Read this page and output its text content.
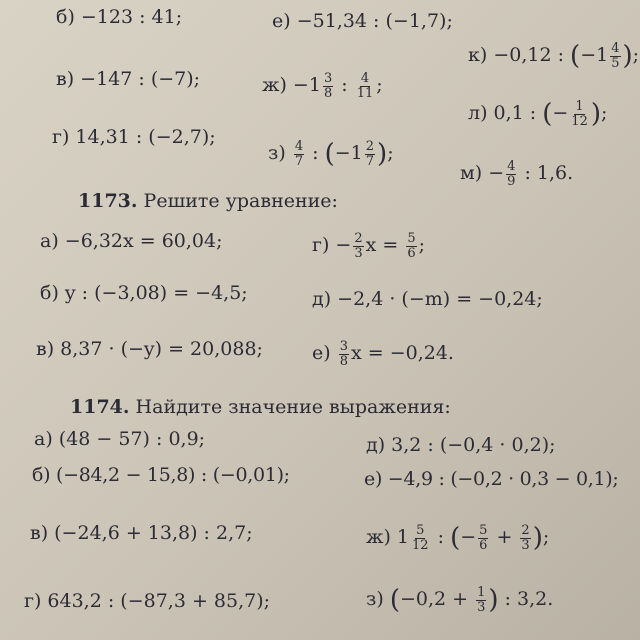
б) −123 : 41;	е) −51,34 : (−1,7);
к) −0,12 : ($-1 \frac{4}{5}$ );
в) −147 : (−7);	$ж) -1 \frac{3}{8}$ : $\frac{4}{11}$ ;
л) 0,1 : (− $\frac{1}{12}$ );
г) 14,31 : (−2,7);
$з) \frac{4}{7}$ : ($-1 \frac{2}{7}$ );
$м) - \frac{4}{9}$ : 1,6.
1173. Решите уравнение:
а) −6,32x = 60,04;	$г) - \frac{2}{3}$ $x = \frac{5}{6}$ ;
б) y : (−3,08) = −4,5;	д) −2,4 · (−m) = −0,24;
в) 8,37 · (−y) = 20,088;	$е) \frac{3}{8}$ x = −0,24.
1174. Найдите значение выражения:
а) (48 − 57) : 0,9;	д) 3,2 : (−0,4 · 0,2);
б) (−84,2 − 15,8) : (−0,01);	е) −4,9 : (−0,2 · 0,3 − 0,1);
в) (−24,6 + 13,8) : 2,7;	ж) $1 \frac{5}{12}$ : (− $\frac{5}{6} + \frac{2}{3}$ );
г) 643,2 : (−87,3 + 85,7);	з) ($-0,2 + \frac{1}{3}$ ) : 3,2.
